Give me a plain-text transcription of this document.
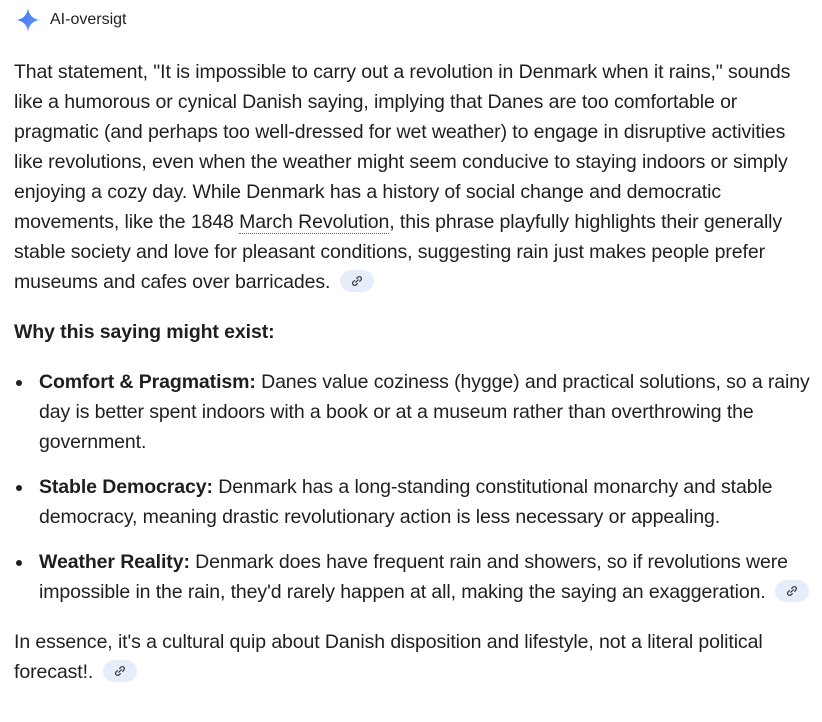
AI-oversigt

That statement, "It is impossible to carry out a revolution in Denmark when it rains," sounds like a humorous or cynical Danish saying, implying that Danes are too comfortable or pragmatic (and perhaps too well-dressed for wet weather) to engage in disruptive activities like revolutions, even when the weather might seem conducive to staying indoors or simply enjoying a cozy day. While Denmark has a history of social change and democratic movements, like the 1848 March Revolution, this phrase playfully highlights their generally stable society and love for pleasant conditions, suggesting rain just makes people prefer museums and cafes over barricades.

Why this saying might exist:

Comfort & Pragmatism: Danes value coziness (hygge) and practical solutions, so a rainy day is better spent indoors with a book or at a museum rather than overthrowing the government.
Stable Democracy: Denmark has a long-standing constitutional monarchy and stable democracy, meaning drastic revolutionary action is less necessary or appealing.
Weather Reality: Denmark does have frequent rain and showers, so if revolutions were impossible in the rain, they'd rarely happen at all, making the saying an exaggeration.

In essence, it's a cultural quip about Danish disposition and lifestyle, not a literal political forecast!.
